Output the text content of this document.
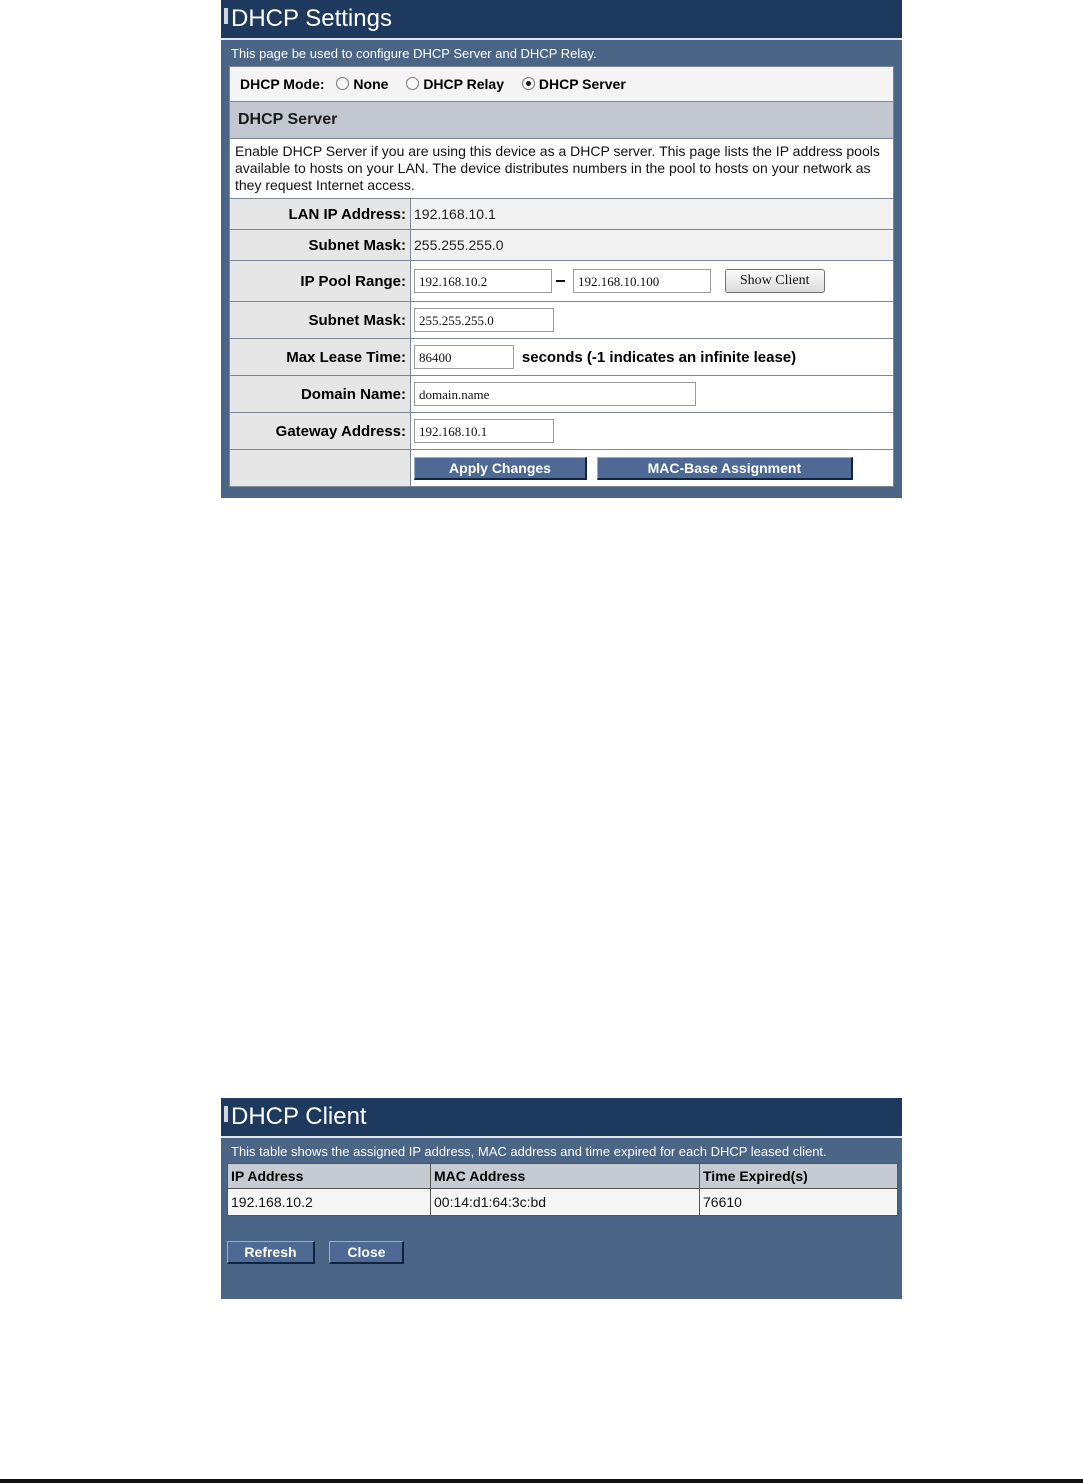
DHCP Settings
This page be used to configure DHCP Server and DHCP Relay.
DHCP Mode: None DHCP Relay DHCP Server	
DHCP Server	
Enable DHCP Server if you are using this device as a DHCP server. This page lists the IP address pools available to hosts on your LAN. The device distributes numbers in the pool to hosts on your network as they request Internet access.	
LAN IP Address:	192.168.10.1
Subnet Mask:	255.255.255.0
IP Pool Range:	192.168.10.2 192.168.10.100 Show Client
Subnet Mask:	255.255.255.0
Max Lease Time:	86400 seconds (-1 indicates an infinite lease)
Domain Name:	domain.name
Gateway Address:	192.168.10.1
	Apply Changes MAC-Base Assignment
DHCP Client
This table shows the assigned IP address, MAC address and time expired for each DHCP leased client.
IP Address	MAC Address	Time Expired(s)
192.168.10.2	00:14:d1:64:3c:bd	76610
Refresh	Close
